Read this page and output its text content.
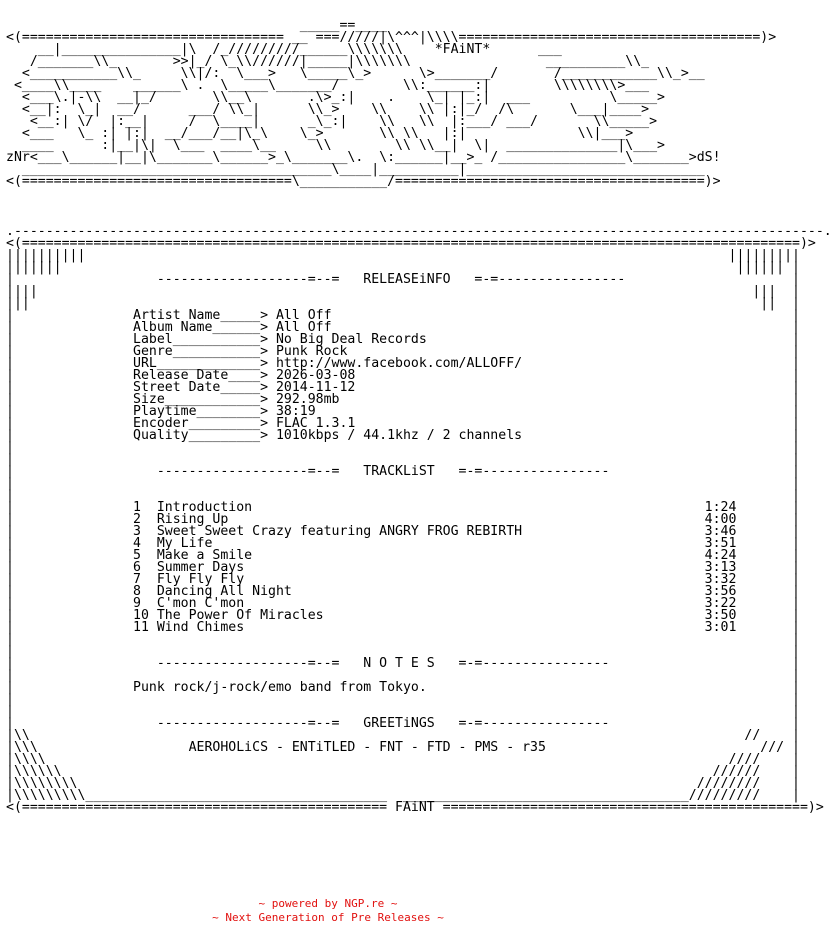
_____==____
<(================================= __ ===/////|\^^^|\\\\======================================)>
__|_______________|\  /_/////////______\\\\\\\    *FAiNT*      ___
/_______\\_       >>|_/ \_\\//////|_____|\\\\\\\                 __________\\_
<___________\\_     \\|/:  \___>   \_____\_>      \>_______/       /____________\\_>__
<____\\____    ______\ .  \_____\_______/        \\:______:|        \\\\\\\\>___
<___\.|-\\  __|_/       \\__\       .\>_:|    .    \_| |_:|  ___          \_____>
<__|:  \_|  __/      ___/ \\_|      \\_>    \\    \\ |:|_/  /\       \___|____>
<__:| \/  |:__|     /  \____|      _\_:|    \\   \\  |:___/ ___/       \\_____>
<___   \_ :| |:|  __/___/__|\_\    \_>       \\ \\   |:|              \\|___>
____      :|__|\|  \___  ____\__     \\        \\ \\__|  \|  ______________|\___>
zNr<___\______|__|\_______\______>_\_______\.  \:______|__>_ /________________\_______>dS!
_______________________________________\____|__________|______________________________
<(==================================\___________/=======================================)>
.------------------------------------------------------------------------------------------------------.
<(==================================================================================================)>
||||||||||                                                                                 |||||||||
|||||||                                                                                     |||||| |
|                  -------------------=--=   RELEASEiNFO   =-=----------------                     |
||||                                                                                          |||  |
|||                                                                                            ||  |
|               Artist Name_____> All Off                                                          |
|               Album Name______> All Off                                                          |
|               Label___________> No Big Deal Records                                              |
|               Genre___________> Punk Rock                                                        |
|               URL_____________> http://www.facebook.com/ALLOFF/                                  |
|               Release Date____> 2026-03-08                                                       |
|               Street Date_____> 2014-11-12                                                       |
|               Size____________> 292.98mb                                                         |
|               Playtime________> 38:19                                                            |
|               Encoder_________> FLAC 1.3.1                                                       |
|               Quality_________> 1010kbps / 44.1khz / 2 channels                                  |
|                                                                                                  |
|                                                                                                  |
|                  -------------------=--=   TRACKLiST   =-=----------------                       |
|                                                                                                  |
|                                                                                                  |
|               1  Introduction                                                         1:24       |
|               2  Rising Up                                                            4:00       |
|               3  Sweet Sweet Crazy featuring ANGRY FROG REBIRTH                       3:46       |
|               4  My Life                                                              3:51       |
|               5  Make a Smile                                                         4:24       |
|               6  Summer Days                                                          3:13       |
|               7  Fly Fly Fly                                                          3:32       |
|               8  Dancing All Night                                                    3:56       |
|               9  C'mon C'mon                                                          3:22       |
|               10 The Power Of Miracles                                                3:50       |
|               11 Wind Chimes                                                          3:01       |
|                                                                                                  |
|                                                                                                  |
|                  -------------------=--=   N O T E S   =-=----------------                       |
|                                                                                                  |
|               Punk rock/j-rock/emo band from Tokyo.                                              |
|                                                                                                  |
|                                                                                                  |
|                  -------------------=--=   GREETiNGS   =-=----------------                       |
|\\                                                                                          //    |
|\\\                   AEROHOLiCS - ENTiTLED - FNT - FTD - PMS - r35                           /// |
|\\\\                                                                                      ////    |
|\\\\\\                                                                                  //////    |
|\\\\\\\\                                                                              ////////    |
|\\\\\\\\\______________________________________  ____________________________________/////////    |
<(============================================== FAiNT ==============================================)>
~ powered by NGP.re ~
~ Next Generation of Pre Releases ~
